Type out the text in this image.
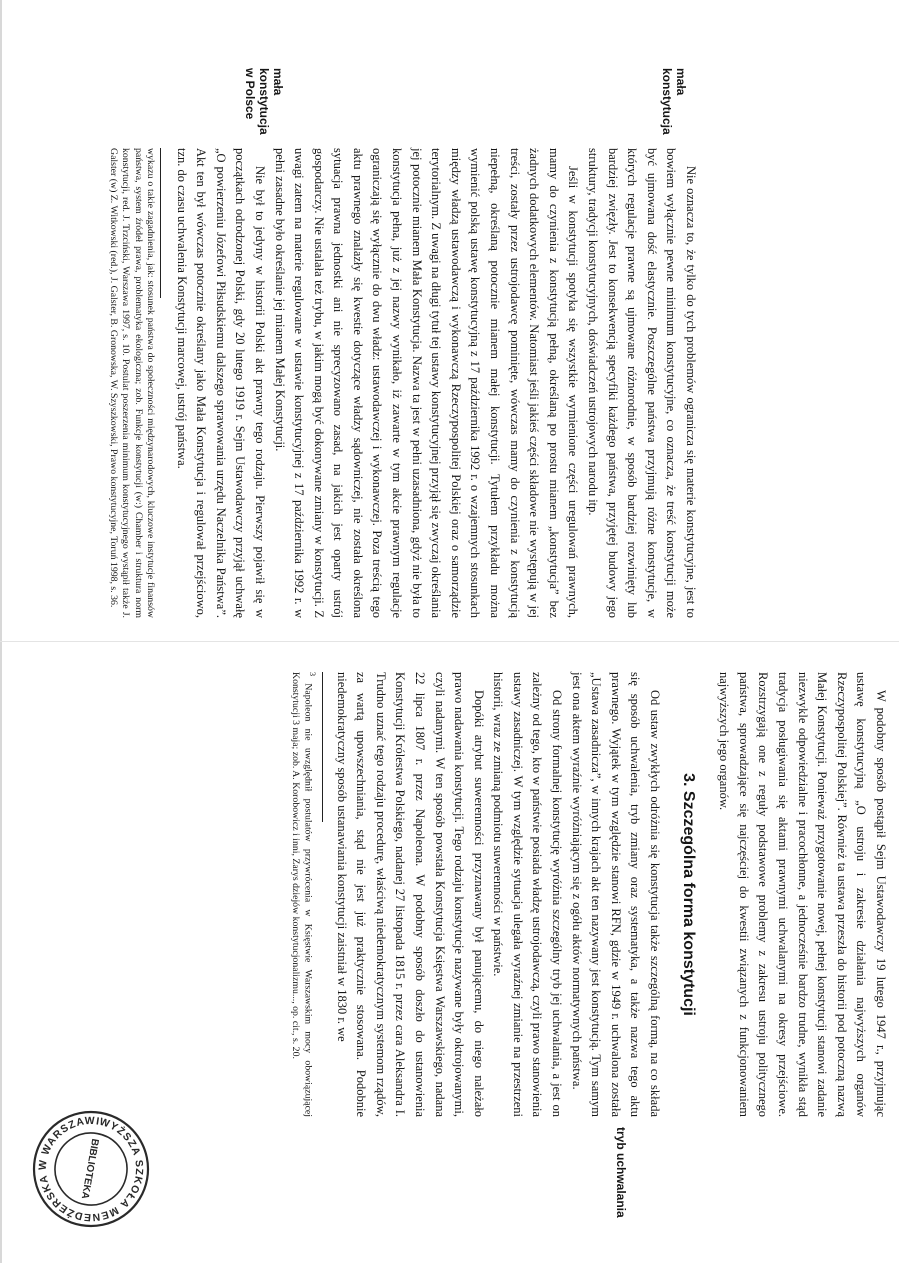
Nie oznacza to, że tylko do tych problemów ogranicza się materie konstytucyjne, jest to bowiem wyłącznie pewne minimum konstytucyjne, co oznacza, że treść konstytucji może być ujmowana dość elastycznie. Poszczególne państwa przyjmują różne konstytucje, w których regulacje prawne są ujmowane różnorodnie, w sposób bardziej rozwinięty lub bardziej zwięzły. Jest to konsekwencją specyfiki każdego państwa, przyjętej budowy jego struktury, tradycji konstytucyjnych, doświadczeń ustrojowych narodu itp.

Jeśli w konstytucji spotyka się wszystkie wymienione części uregulowań prawnych, mamy do czynienia z konstytucją pełną, określaną po prostu mianem „konstytucja” bez żadnych dodatkowych elementów. Natomiast jeśli jakieś części składowe nie występują w jej treści, zostały przez ustrojodawcę pominięte, wówczas mamy do czynienia z konstytucją niepełną, określaną potocznie mianem małej konstytucji. Tytułem przykładu można wymienić polską ustawę konstytucyjną z 17 października 1992 r. o wzajemnych stosunkach między władzą ustawodawczą i wykonawczą Rzeczypospolitej Polskiej oraz o samorządzie terytorialnym. Z uwagi na długi tytuł tej ustawy konstytucyjnej przyjął się zwyczaj określania jej potocznie mianem Mała Konstytucja. Nazwa ta jest w pełni uzasadniona, gdyż nie była to konstytucja pełna, już z jej nazwy wynikało, iż zawarte w tym akcie prawnym regulacje ograniczają się wyłącznie do dwu władz: ustawodawczej i wykonawczej. Poza treścią tego aktu prawnego znalazły się kwestie dotyczące władzy sądowniczej, nie została określona sytuacja prawna jednostki ani nie sprecyzowano zasad, na jakich jest oparty ustrój gospodarczy. Nie ustalała też trybu, w jakim mogą być dokonywane zmiany w konstytucji. Z uwagi zatem na materie regulowane w ustawie konstytucyjnej z 17 października 1992 r. w pełni zasadne było określanie jej mianem Małej Konstytucji.

Nie był to jedyny w historii Polski akt prawny tego rodzaju. Pierwszy pojawił się w początkach odrodzonej Polski, gdy 20 lutego 1919 r. Sejm Ustawodawczy przyjął uchwałę „O powierzeniu Józefowi Piłsudskiemu dalszego sprawowania urzędu Naczelnika Państwa”. Akt ten był wówczas potocznie określany jako Mała Konstytucja i regulował przejściowo, tzn. do czasu uchwalenia Konstytucji marcowej, ustrój państwa.

wykazu o takie zagadnienia, jak: stosunek państwa do społeczności międzynarodowych, kluczowe instytucje finansów państwa, system źródeł prawa, problematyka ekologiczna; zob. Funkcje konstytucji (w:) Chamber i struktura norm konstytucji, red. J. Trzciński, Warszawa 1997, s. 10. Postulat poszerzenia minimum konstytucyjnego wystąpił także J. Galster (w) Z. Witkowski (red.), J. Galster, B. Gronowska, W. Szyszkowski, Prawo konstytucyjne, Toruń 1998, s. 36.
mała konstytucja
mała konstytucja w Polsce

W podobny sposób postąpił Sejm Ustawodawczy 19 lutego 1947 r., przyjmując ustawę konstytucyjną „O ustroju i zakresie działania najwyższych organów Rzeczypospolitej Polskiej”. Również ta ustawa przeszła do historii pod potoczną nazwą Małej Konstytucji. Ponieważ przygotowanie nowej, pełnej konstytucji stanowi zadanie niezwykle odpowiedzialne i pracochłonne, a jednocześnie bardzo trudne, wynikła stąd tradycja posługiwania się aktami prawnymi uchwalanymi na okresy przejściowe. Rozstrzygają one z reguły podstawowe problemy z zakresu ustroju politycznego państwa, sprowadzające się najczęściej do kwestii związanych z funkcjonowaniem najwyższych jego organów.

3. Szczególna forma konstytucji

Od ustaw zwykłych odróżnia się konstytucja także szczególną formą, na co składa się sposób uchwalenia, tryb zmiany oraz systematyka, a także nazwa tego aktu prawnego. Wyjątek w tym względzie stanowi RFN, gdzie w 1949 r. uchwalona została „Ustawa zasadnicza”, w innych krajach akt ten nazywany jest konstytucją. Tym samym jest ona aktem wyraźnie wyróżniającym się z ogółu aktów normatywnych państwa.

Od strony formalnej konstytucję wyróżnia szczególny tryb jej uchwalania, a jest on zależny od tego, kto w państwie posiada władzę ustrojodawczą, czyli prawo stanowienia ustawy zasadniczej. W tym względzie sytuacja ulegała wyraźnej zmianie na przestrzeni historii, wraz ze zmianą podmiotu suwerenności w państwie.

Dopóki atrybut suwerenności przyznawany był panującemu, do niego należało prawo nadawania konstytucji. Tego rodzaju konstytucje nazywane były oktrojowanymi, czyli nadanymi. W ten sposób powstała Konstytucja Księstwa Warszawskiego, nadana 22 lipca 1807 r. przez Napoleona. W podobny sposób doszło do ustanowienia Konstytucji Królestwa Polskiego, nadanej 27 listopada 1815 r. przez cara Aleksandra I. Trudno uznać tego rodzaju procedurę, właściwą niedemokratycznym systemom rządów, za wartą upowszechniania, stąd nie jest już praktycznie stosowana. Podobnie niedemokratyczny sposób ustanawiania konstytucji zaistniał w 1830 r. we

$^3$ Napoleon nie uwzględnił postulatów przywrócenia w Księstwie Warszawskim mocy obowiązującej Konstytucji 3 maja; zob. A. Korobowicz i inni, Zarys dziejów konstytucjonalizmu..., op. cit., s. 20.
tryb uchwalania
WYŻSZA SZKOŁA MENEDŻERSKA W WARSZAWIE
BIBLIOTEKA
